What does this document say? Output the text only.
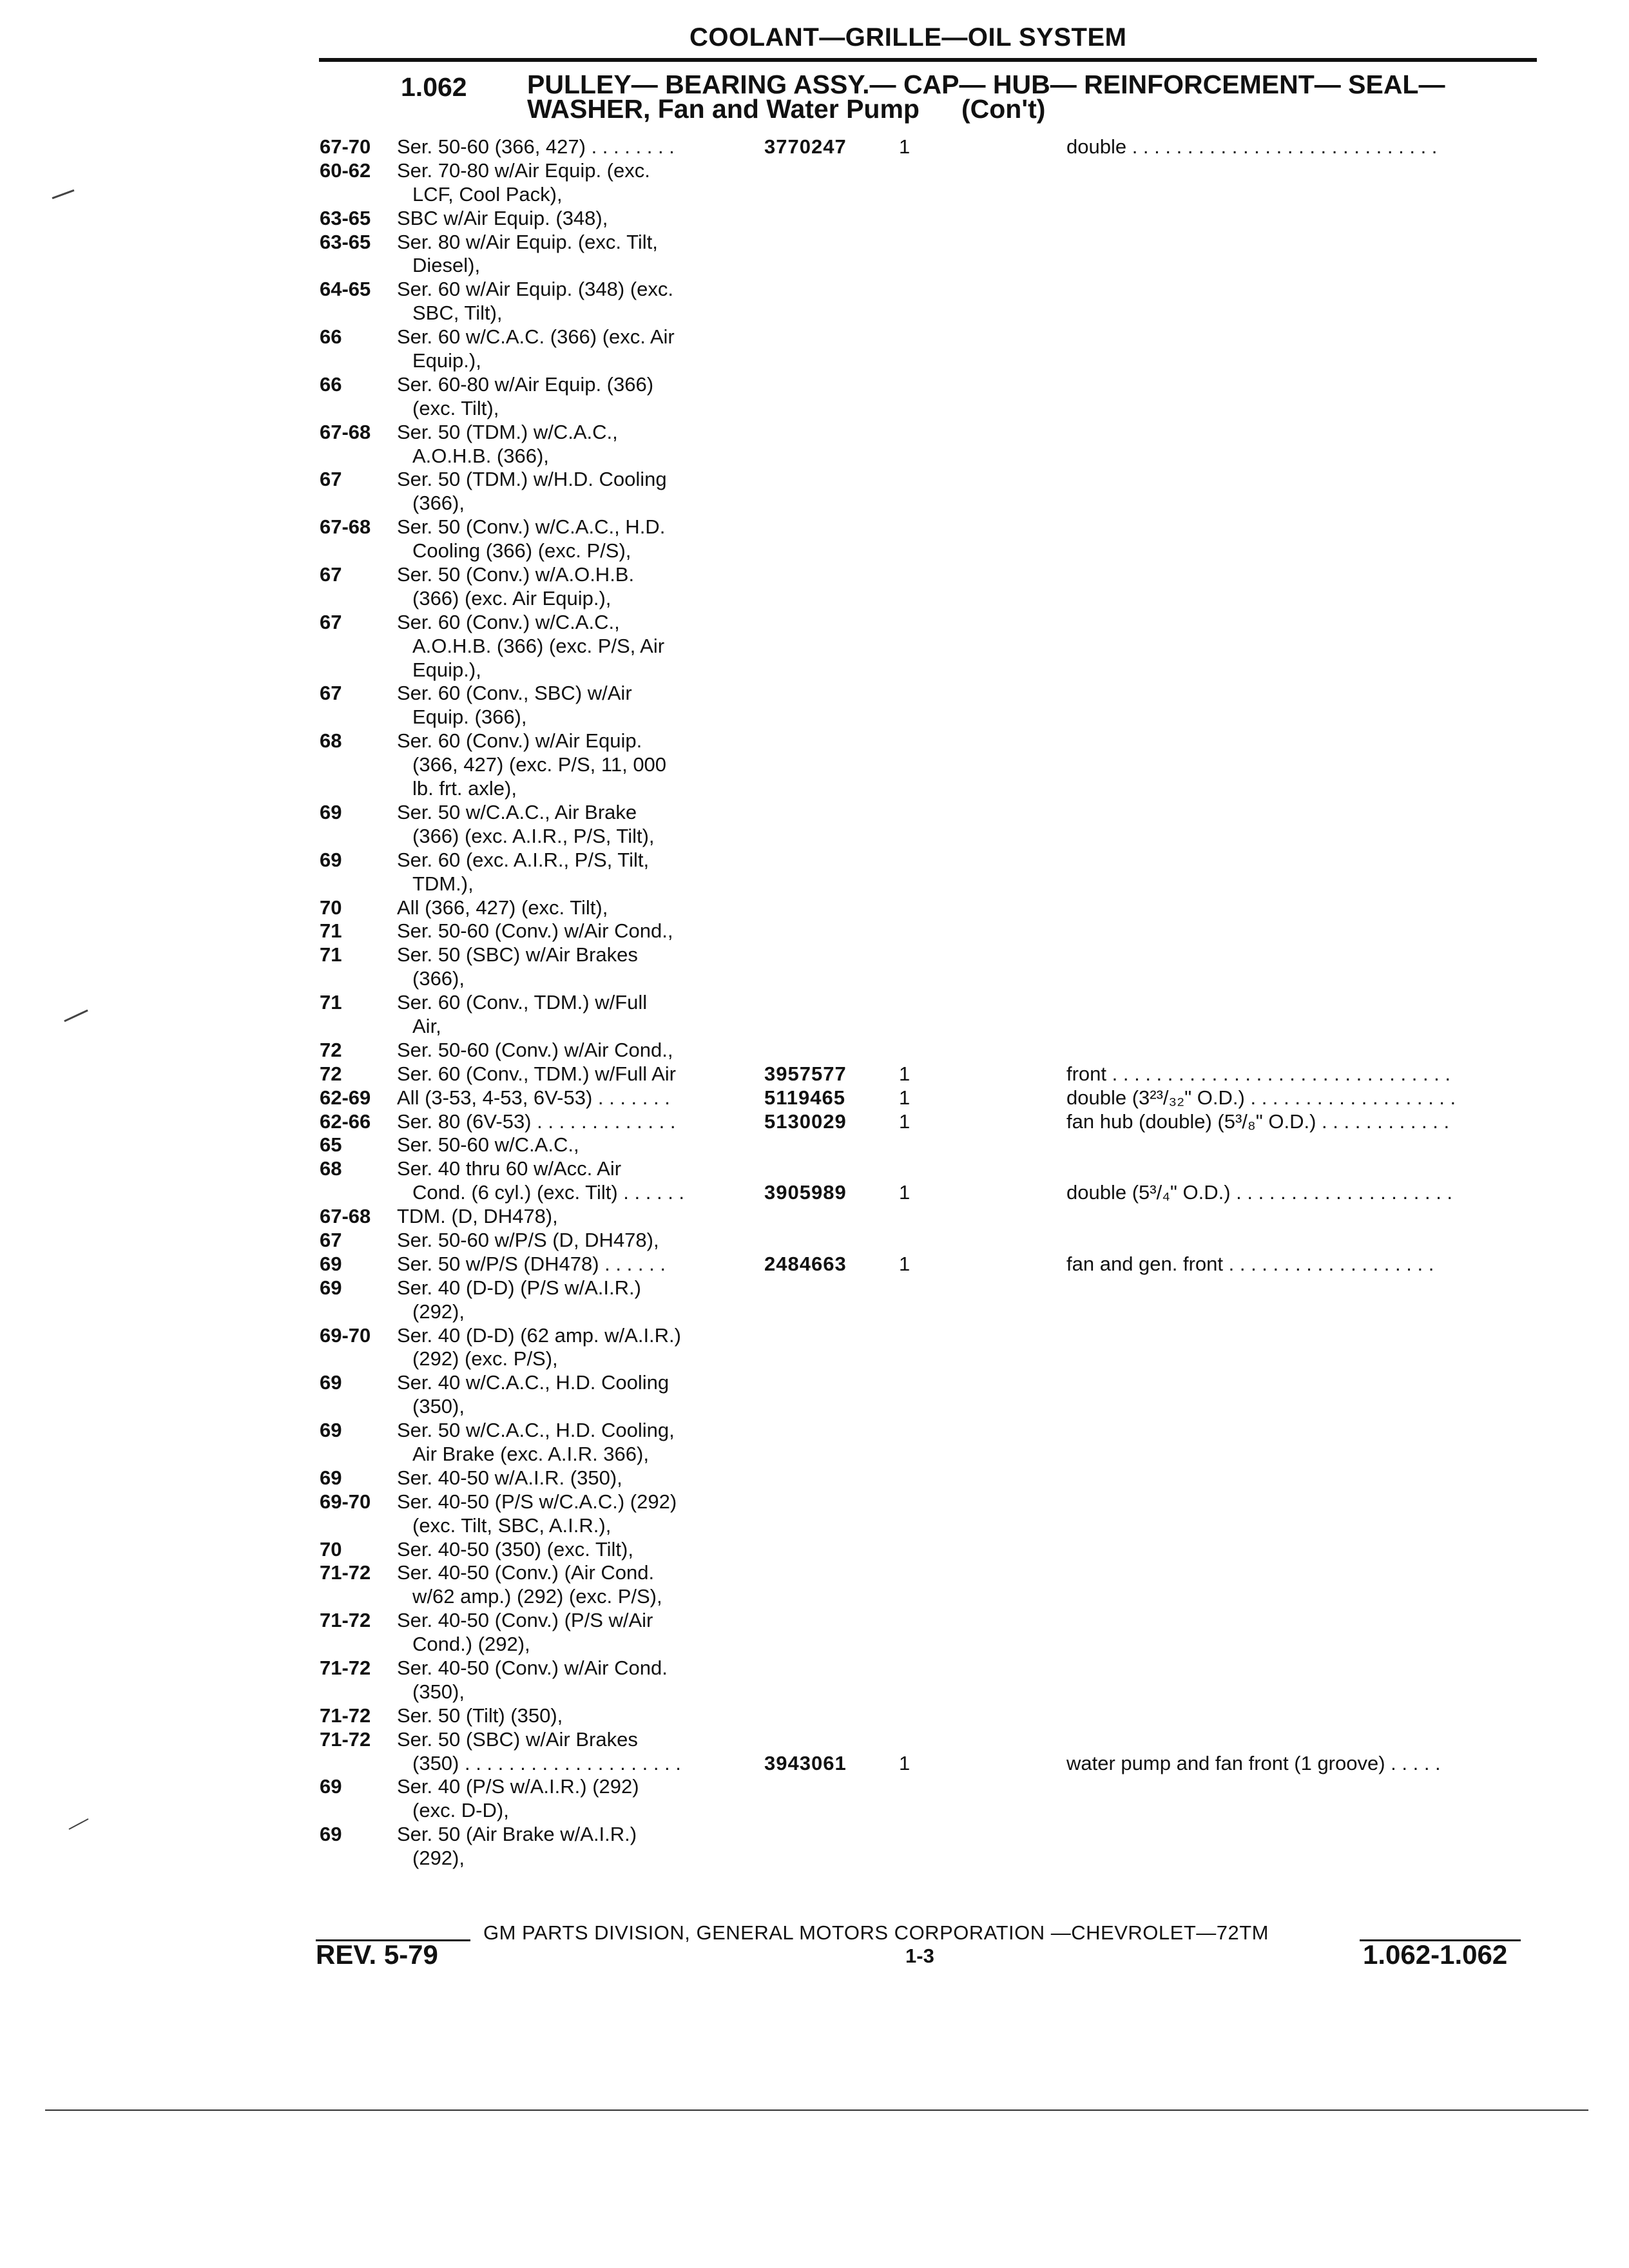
COOLANT—GRILLE—OIL SYSTEM
1.062 PULLEY— BEARING ASSY.— CAP— HUB— REINFORCEMENT— SEAL—
WASHER, Fan and Water Pump (Con't)
67-70 Ser. 50-60 (366, 427) . . . . . . . .	3770247	1	double . . . . . . . . . . . . . . . . . . . . . . . . . . . .
60-62 Ser. 70-80 w/Air Equip. (exc.
LCF, Cool Pack),
63-65 SBC w/Air Equip. (348),
63-65 Ser. 80 w/Air Equip. (exc. Tilt,
Diesel),
64-65 Ser. 60 w/Air Equip. (348) (exc.
SBC, Tilt),
66	Ser. 60 w/C.A.C. (366) (exc. Air
Equip.),
66	Ser. 60-80 w/Air Equip. (366)
(exc. Tilt),
67-68 Ser. 50 (TDM.) w/C.A.C.,
A.O.H.B. (366),
67	Ser. 50 (TDM.) w/H.D. Cooling
(366),
67-68 Ser. 50 (Conv.) w/C.A.C., H.D.
Cooling (366) (exc. P/S),
67	Ser. 50 (Conv.) w/A.O.H.B.
(366) (exc. Air Equip.),
67	Ser. 60 (Conv.) w/C.A.C.,
A.O.H.B. (366) (exc. P/S, Air
Equip.),
67	Ser. 60 (Conv., SBC) w/Air
Equip. (366),
68	Ser. 60 (Conv.) w/Air Equip.
(366, 427) (exc. P/S, 11, 000
lb. frt. axle),
69	Ser. 50 w/C.A.C., Air Brake
(366) (exc. A.I.R., P/S, Tilt),
69	Ser. 60 (exc. A.I.R., P/S, Tilt,
TDM.),
70	All (366, 427) (exc. Tilt),
71	Ser. 50-60 (Conv.) w/Air Cond.,
71	Ser. 50 (SBC) w/Air Brakes
(366),
71	Ser. 60 (Conv., TDM.) w/Full
Air,
72	Ser. 50-60 (Conv.) w/Air Cond.,
72	Ser. 60 (Conv., TDM.) w/Full Air	3957577	1	front . . . . . . . . . . . . . . . . . . . . . . . . . . . . . . .
62-69 All (3-53, 4-53, 6V-53) . . . . . . .	5119465	1	double (3²³/₃₂" O.D.) . . . . . . . . . . . . . . . . . . .
62-66 Ser. 80 (6V-53) . . . . . . . . . . . . .	5130029	1	fan hub (double) (5³/₈" O.D.) . . . . . . . . . . . .
65	Ser. 50-60 w/C.A.C.,
68	Ser. 40 thru 60 w/Acc. Air
Cond. (6 cyl.) (exc. Tilt) . . . . . .	3905989	1	double (5³/₄" O.D.) . . . . . . . . . . . . . . . . . . . .
67-68 TDM. (D, DH478),
67	Ser. 50-60 w/P/S (D, DH478),
69	Ser. 50 w/P/S (DH478) . . . . . .	2484663	1	fan and gen. front . . . . . . . . . . . . . . . . . . .
69	Ser. 40 (D-D) (P/S w/A.I.R.)
(292),
69-70 Ser. 40 (D-D) (62 amp. w/A.I.R.)
(292) (exc. P/S),
69	Ser. 40 w/C.A.C., H.D. Cooling
(350),
69	Ser. 50 w/C.A.C., H.D. Cooling,
Air Brake (exc. A.I.R. 366),
69	Ser. 40-50 w/A.I.R. (350),
69-70 Ser. 40-50 (P/S w/C.A.C.) (292)
(exc. Tilt, SBC, A.I.R.),
70	Ser. 40-50 (350) (exc. Tilt),
71-72 Ser. 40-50 (Conv.) (Air Cond.
w/62 amp.) (292) (exc. P/S),
71-72 Ser. 40-50 (Conv.) (P/S w/Air
Cond.) (292),
71-72 Ser. 40-50 (Conv.) w/Air Cond.
(350),
71-72 Ser. 50 (Tilt) (350),
71-72 Ser. 50 (SBC) w/Air Brakes
(350) . . . . . . . . . . . . . . . . . . . .	3943061	1	water pump and fan front (1 groove) . . . . .
69	Ser. 40 (P/S w/A.I.R.) (292)
(exc. D-D),
69	Ser. 50 (Air Brake w/A.I.R.)
(292),
GM PARTS DIVISION, GENERAL MOTORS CORPORATION —CHEVROLET—72TM
REV. 5-79	1-3	1.062-1.062
